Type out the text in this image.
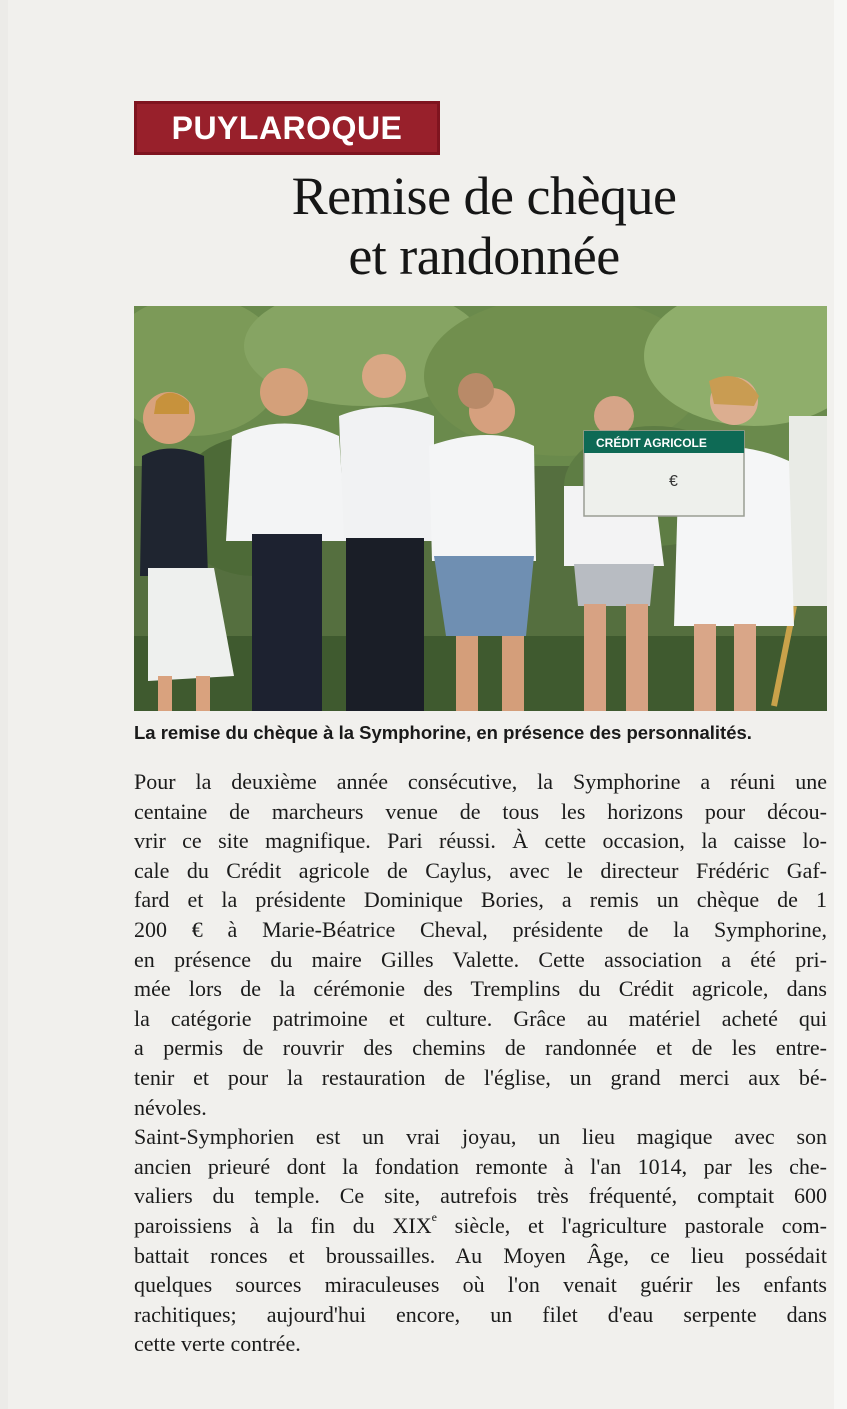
PUYLAROQUE
Remise de chèque
et randonnée
CRÉDIT AGRICOLE
€
La remise du chèque à la Symphorine, en présence des personnalités.
Pour la deuxième année consécutive, la Symphorine a réuni une
centaine de marcheurs venue de tous les horizons pour décou-
vrir ce site magnifique. Pari réussi. À cette occasion, la caisse lo-
cale du Crédit agricole de Caylus, avec le directeur Frédéric Gaf-
fard et la présidente Dominique Bories, a remis un chèque de 1
200 € à Marie-Béatrice Cheval, présidente de la Symphorine,
en présence du maire Gilles Valette. Cette association a été pri-
mée lors de la cérémonie des Tremplins du Crédit agricole, dans
la catégorie patrimoine et culture. Grâce au matériel acheté qui
a permis de rouvrir des chemins de randonnée et de les entre-
tenir et pour la restauration de l'église, un grand merci aux bé-
névoles.
Saint-Symphorien est un vrai joyau, un lieu magique avec son
ancien prieuré dont la fondation remonte à l'an 1014, par les che-
valiers du temple. Ce site, autrefois très fréquenté, comptait 600
paroissiens à la fin du XIXe siècle, et l'agriculture pastorale com-
battait ronces et broussailles. Au Moyen Âge, ce lieu possédait
quelques sources miraculeuses où l'on venait guérir les enfants
rachitiques; aujourd'hui encore, un filet d'eau serpente dans
cette verte contrée.
